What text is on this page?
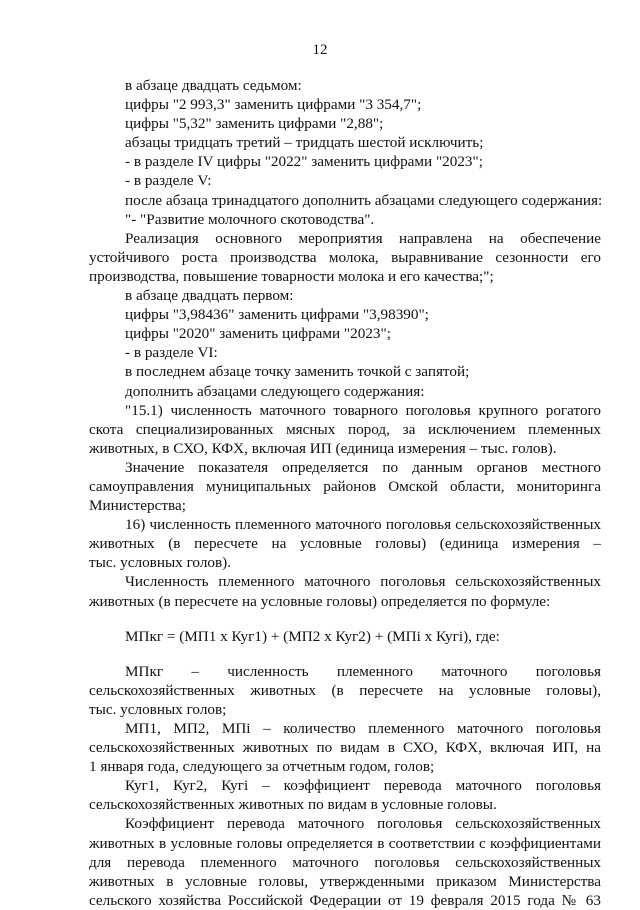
12
в абзаце двадцать седьмом:
цифры "2 993,3" заменить цифрами "3 354,7";
цифры "5,32" заменить цифрами "2,88";
абзацы тридцать третий – тридцать шестой исключить;
- в разделе IV цифры "2022" заменить цифрами "2023";
- в разделе V:
после абзаца тринадцатого дополнить абзацами следующего содержания:
"- "Развитие молочного скотоводства".
Реализация основного мероприятия направлена на обеспечение
устойчивого роста производства молока, выравнивание сезонности его
производства, повышение товарности молока и его качества;";
в абзаце двадцать первом:
цифры "3,98436" заменить цифрами "3,98390";
цифры "2020" заменить цифрами "2023";
- в разделе VI:
в последнем абзаце точку заменить точкой с запятой;
дополнить абзацами следующего содержания:
"15.1) численность маточного товарного поголовья крупного рогатого
скота специализированных мясных пород, за исключением племенных
животных, в СХО, КФХ, включая ИП (единица измерения – тыс. голов).
Значение показателя определяется по данным органов местного
самоуправления муниципальных районов Омской области, мониторинга
Министерства;
16) численность племенного маточного поголовья сельскохозяйственных
животных (в пересчете на условные головы) (единица измерения –
тыс. условных голов).
Численность племенного маточного поголовья сельскохозяйственных
животных (в пересчете на условные головы) определяется по формуле:
МПкг = (МП1 x Куг1) + (МП2 x Куг2) + (МПi x Кугi), где:
МПкг – численность племенного маточного поголовья
сельскохозяйственных животных (в пересчете на условные головы),
тыс. условных голов;
МП1, МП2, МПi – количество племенного маточного поголовья
сельскохозяйственных животных по видам в СХО, КФХ, включая ИП, на
1 января года, следующего за отчетным годом, голов;
Куг1, Куг2, Кугi – коэффициент перевода маточного поголовья
сельскохозяйственных животных по видам в условные головы.
Коэффициент перевода маточного поголовья сельскохозяйственных
животных в условные головы определяется в соответствии с коэффициентами
для перевода племенного маточного поголовья сельскохозяйственных
животных в условные головы, утвержденными приказом Министерства
сельского хозяйства Российской Федерации от 19 февраля 2015 года № 63
